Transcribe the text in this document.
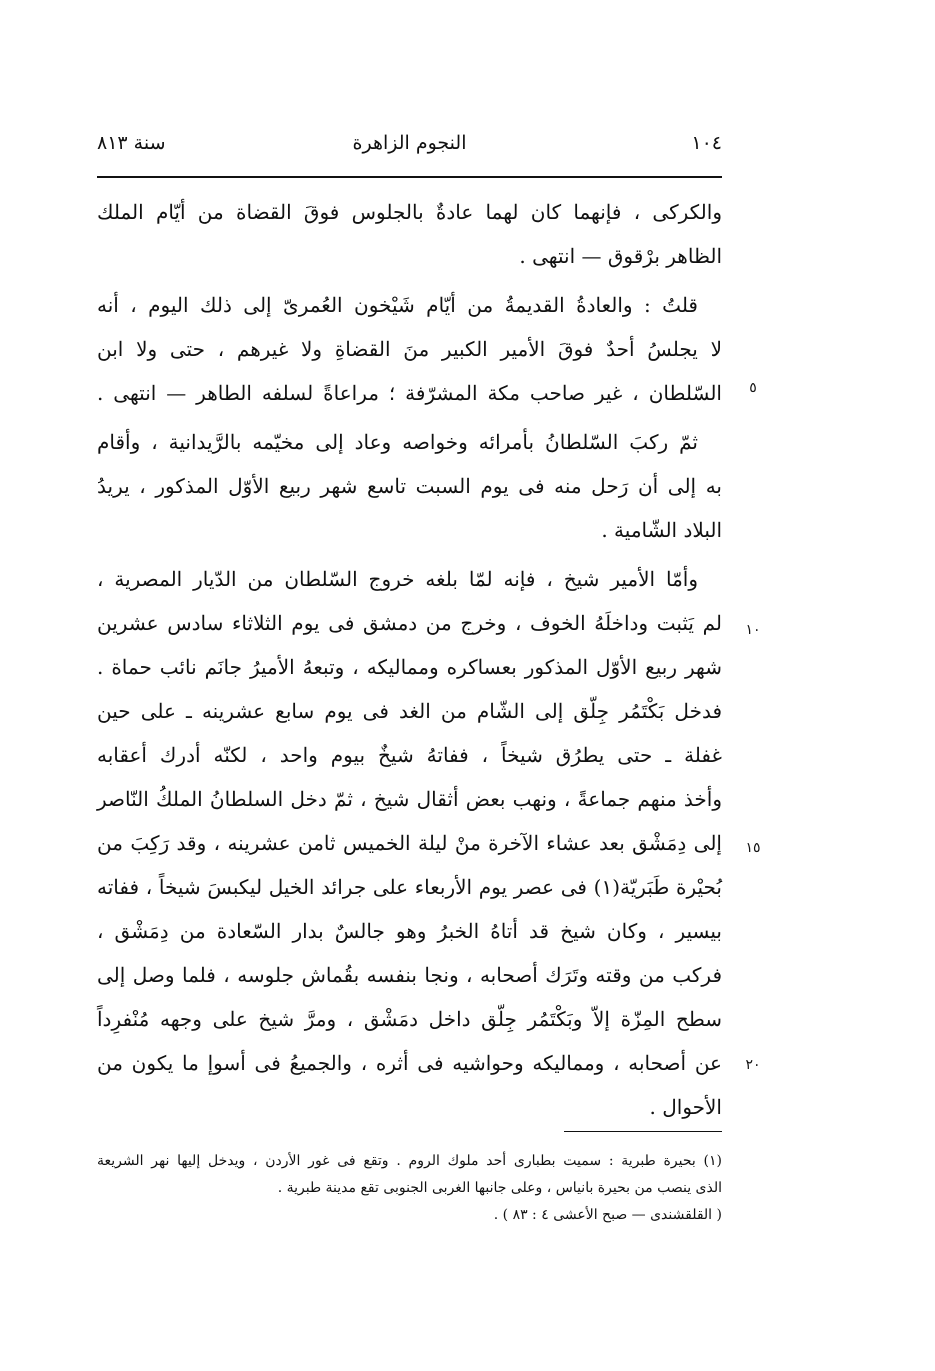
١٠٤
النجوم الزاهرة
سنة ٨١٣
والكركى ، فإنهما كان لهما عادةٌ بالجلوس فوقَ القضاة من أيّام الملك
الظاهر برْقوق — انتهى .
قلتُ : والعادةُ القديمةُ من أيّام شَيْخون العُمرىّ إلى ذلك اليوم ، أنه
لا يجلسُ أحدٌ فوقَ الأمير الكبير منَ القضاةِ ولا غيرهم ، حتى ولا ابن
السّلطان ، غير صاحب مكة المشرّفة ؛ مراعاةً لسلفه الطاهر — انتهى .
ثمّ ركبَ السّلطانُ بأمرائه وخواصه وعاد إلى مخيّمه بالرَّيدانية ، وأقام
به إلى أن رَحل منه فى يوم السبت تاسع شهر ربيع الأوّل المذكور ، يريدُ
البلاد الشّامية .
وأمّا الأمير شيخ ، فإنه لمّا بلغه خروج السّلطان من الدّيار المصرية ،
لم يَثبت وداخلَهُ الخوف ، وخرج من دمشق فى يوم الثلاثاء سادس عشرين
شهر ربيع الأوّل المذكور بعساكره ومماليكه ، وتبعهُ الأميرُ جانَم نائب حماة .
فدخل بَكْتَمُر جِلّق إلى الشّام من الغد فى يوم سابع عشرينه ـ على حين
غفلة ـ حتى يطرُق شيخاً ، ففاتهُ شيخٌ بيوم واحد ، لكنّه أدرك أعقابه
وأخذ منهم جماعةً ، ونهب بعض أثقال شيخ ، ثمّ دخل السلطانُ الملكُ النّاصر
إلى دِمَشْق بعد عشاء الآخرة منْ ليلة الخميس ثامن عشرينه ، وقد رَكِبَ من
بُحيْرة طَبَريّة(١) فى عصر يوم الأربعاء على جرائد الخيل ليكبسَ شيخاً ، ففاته
بيسير ، وكان شيخ قد أتاهُ الخبرُ وهو جالسٌ بدار السّعادة من دِمَشْق ،
فركب من وقته وتَرَك أصحابه ، ونجا بنفسه بقُماش جلوسه ، فلما وصل إلى
سطح المِزّة إلاّ وبَكْتَمُر جِلّق داخل دمَشْق ، ومرَّ شيخ على وجهه مُنْفرِداً
عن أصحابه ، ومماليكه وحواشيه فى أثره ، والجميعُ فى أسوإ ما يكون من
الأحوال .
٥
١٠
١٥
٢٠
(١) بحيرة طبرية : سميت بطبارى أحد ملوك الروم . وتقع فى غور الأردن ، ويدخل إليها نهر الشريعة
الذى ينصب من بحيرة بانياس ، وعلى جانبها الغربى الجنوبى تقع مدينة طبرية .
( القلقشندى — صبح الأعشى ٤ : ٨٣ ) .
